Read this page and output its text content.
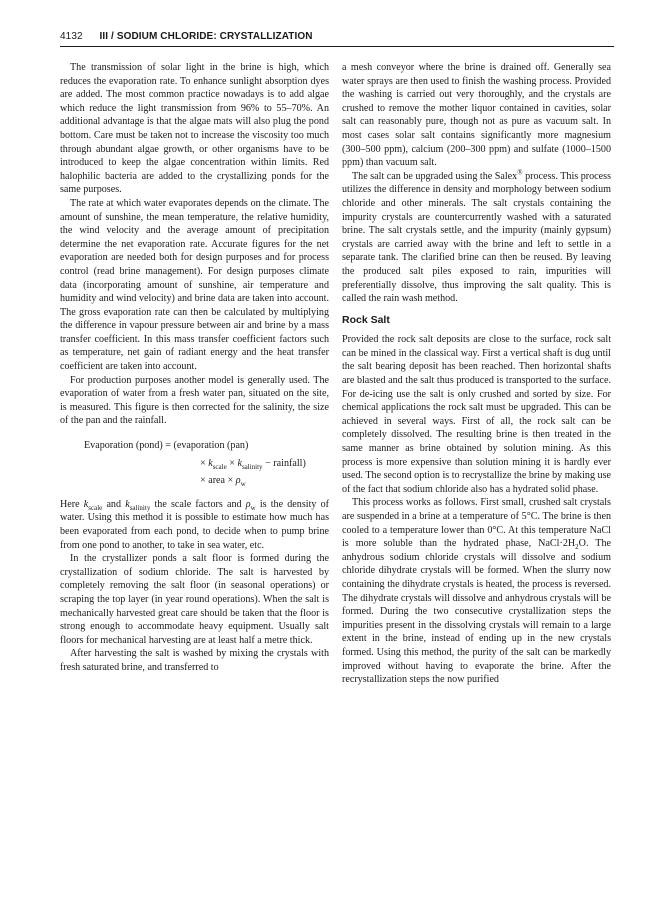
4132 III / SODIUM CHLORIDE: CRYSTALLIZATION

The transmission of solar light in the brine is high, which reduces the evaporation rate. To enhance sunlight absorption dyes are added. The most common practice nowadays is to add algae which reduce the light transmission from 96% to 55–70%. An additional advantage is that the algae mats will also plug the pond bottom. Care must be taken not to increase the viscosity too much through abundant algae growth, or other organisms have to be introduced to keep the algae concentration within limits. Red halophilic bacteria are added to the crystallizing ponds for the same purposes.

The rate at which water evaporates depends on the climate. The amount of sunshine, the mean temperature, the relative humidity, the wind velocity and the average amount of precipitation determine the net evaporation rate. Accurate figures for the net evaporation are needed both for design purposes and for process control (read brine management). For design purposes climate data (incorporating amount of sunshine, air temperature and humidity and wind velocity) and brine data are taken into account. The gross evaporation rate can then be calculated by multiplying the difference in vapour pressure between air and brine by a mass transfer coefficient. In this mass transfer coefficient factors such as temperature, net gain of radiant energy and the heat transfer coefficient are taken into account.

For production purposes another model is generally used. The evaporation of water from a fresh water pan, situated on the site, is measured. This figure is then corrected for the salinity, the size of the pan and the rainfall.

Evaporation (pond) = (evaporation (pan)
× $k_{scale} \times k_{salinity}$ − rainfall)
× area × $\rho_w$

Here $k_{scale}$ and $k_{salinity}$ the scale factors and $\rho_w$ is the density of water. Using this method it is possible to estimate how much has been evaporated from each pond, to decide when to pump brine from one pond to another, to take in sea water, etc.

In the crystallizer ponds a salt floor is formed during the crystallization of sodium chloride. The salt is harvested by completely removing the salt floor (in seasonal operations) or scraping the top layer (in year round operations). When the salt is mechanically harvested great care should be taken that the floor is strong enough to accommodate heavy equipment. Usually salt floors for mechanical harvesting are at least half a metre thick.

After harvesting the salt is washed by mixing the crystals with fresh saturated brine, and transferred to

a mesh conveyor where the brine is drained off. Generally sea water sprays are then used to finish the washing process. Provided the washing is carried out very thoroughly, and the crystals are crushed to remove the mother liquor contained in cavities, solar salt can reasonably pure, though not as pure as vacuum salt. In most cases solar salt contains significantly more magnesium (300–500 ppm), calcium (200–300 ppm) and sulfate (1000–1500 ppm) than vacuum salt.

The salt can be upgraded using the Salex® process. This process utilizes the difference in density and morphology between sodium chloride and other minerals. The salt crystals containing the impurity crystals are countercurrently washed with a saturated brine. The salt crystals settle, and the impurity (mainly gypsum) crystals are carried away with the brine and left to settle in a separate tank. The clarified brine can then be reused. By leaving the produced salt piles exposed to rain, impurities will preferentially dissolve, thus improving the salt quality. This is called the rain wash method.

Rock Salt

Provided the rock salt deposits are close to the surface, rock salt can be mined in the classical way. First a vertical shaft is dug until the salt bearing deposit has been reached. Then horizontal shafts are blasted and the salt thus produced is transported to the surface. For de-icing use the salt is only crushed and sorted by size. For chemical applications the rock salt must be upgraded. This can be achieved in several ways. First of all, the rock salt can be completely dissolved. The resulting brine is then treated in the same manner as brine obtained by solution mining. As this process is more expensive than solution mining it is hardly ever used. The second option is to recrystallize the brine by making use of the fact that sodium chloride also has a hydrated solid phase.

This process works as follows. First small, crushed salt crystals are suspended in a brine at a temperature of 5°C. The brine is then cooled to a temperature lower than 0°C. At this temperature NaCl is more soluble than the hydrated phase, $NaCl\cdot 2H_2O$. The anhydrous sodium chloride crystals will dissolve and sodium chloride dihydrate crystals will be formed. When the slurry now containing the dihydrate crystals is heated, the process is reversed. The dihydrate crystals will dissolve and anhydrous crystals will be formed. During the two consecutive crystallization steps the impurities present in the dissolving crystals will remain to a large extent in the brine, instead of ending up in the new crystals formed. Using this method, the purity of the salt can be markedly improved without having to evaporate the brine. After the recrystallization steps the now purified
